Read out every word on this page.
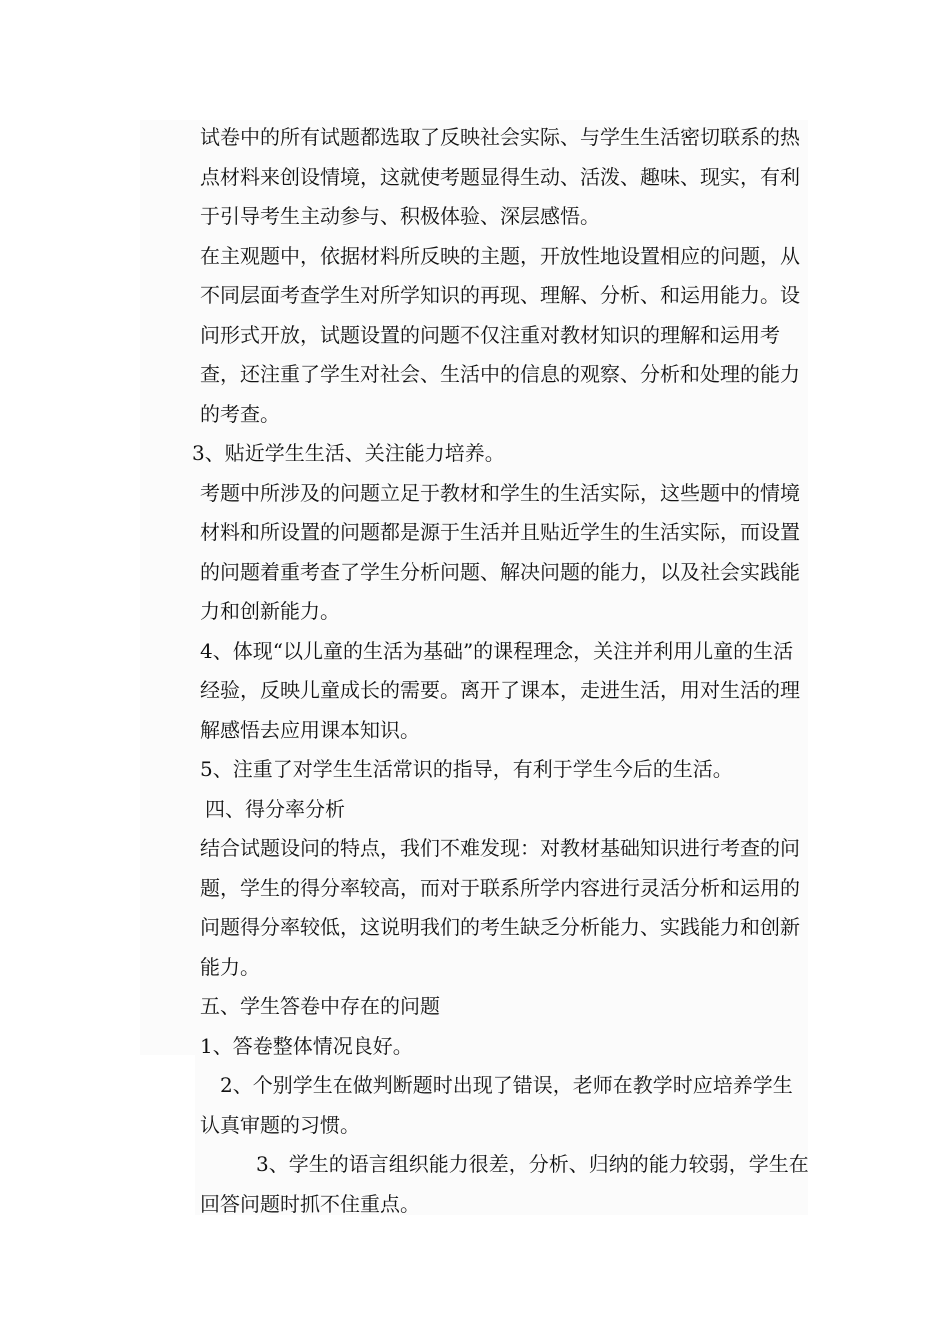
试卷中的所有试题都选取了反映社会实际、与学生生活密切联系的热点材料来创设情境，这就使考题显得生动、活泼、趣味、现实，有利于引导考生主动参与、积极体验、深层感悟。

在主观题中，依据材料所反映的主题，开放性地设置相应的问题，从不同层面考查学生对所学知识的再现、理解、分析、和运用能力。设问形式开放，试题设置的问题不仅注重对教材知识的理解和运用考查，还注重了学生对社会、生活中的信息的观察、分析和处理的能力的考查。

3、贴近学生生活、关注能力培养。

考题中所涉及的问题立足于教材和学生的生活实际，这些题中的情境材料和所设置的问题都是源于生活并且贴近学生的生活实际，而设置的问题着重考查了学生分析问题、解决问题的能力，以及社会实践能力和创新能力。

4、体现“以儿童的生活为基础”的课程理念，关注并利用儿童的生活经验，反映儿童成长的需要。离开了课本，走进生活，用对生活的理解感悟去应用课本知识。

5、注重了对学生生活常识的指导，有利于学生今后的生活。

四、得分率分析

结合试题设问的特点，我们不难发现：对教材基础知识进行考查的问题，学生的得分率较高，而对于联系所学内容进行灵活分析和运用的问题得分率较低，这说明我们的考生缺乏分析能力、实践能力和创新能力。

五、学生答卷中存在的问题

1、答卷整体情况良好。

2、个别学生在做判断题时出现了错误，老师在教学时应培养学生认真审题的习惯。

3、学生的语言组织能力很差，分析、归纳的能力较弱，学生在回答问题时抓不住重点。
